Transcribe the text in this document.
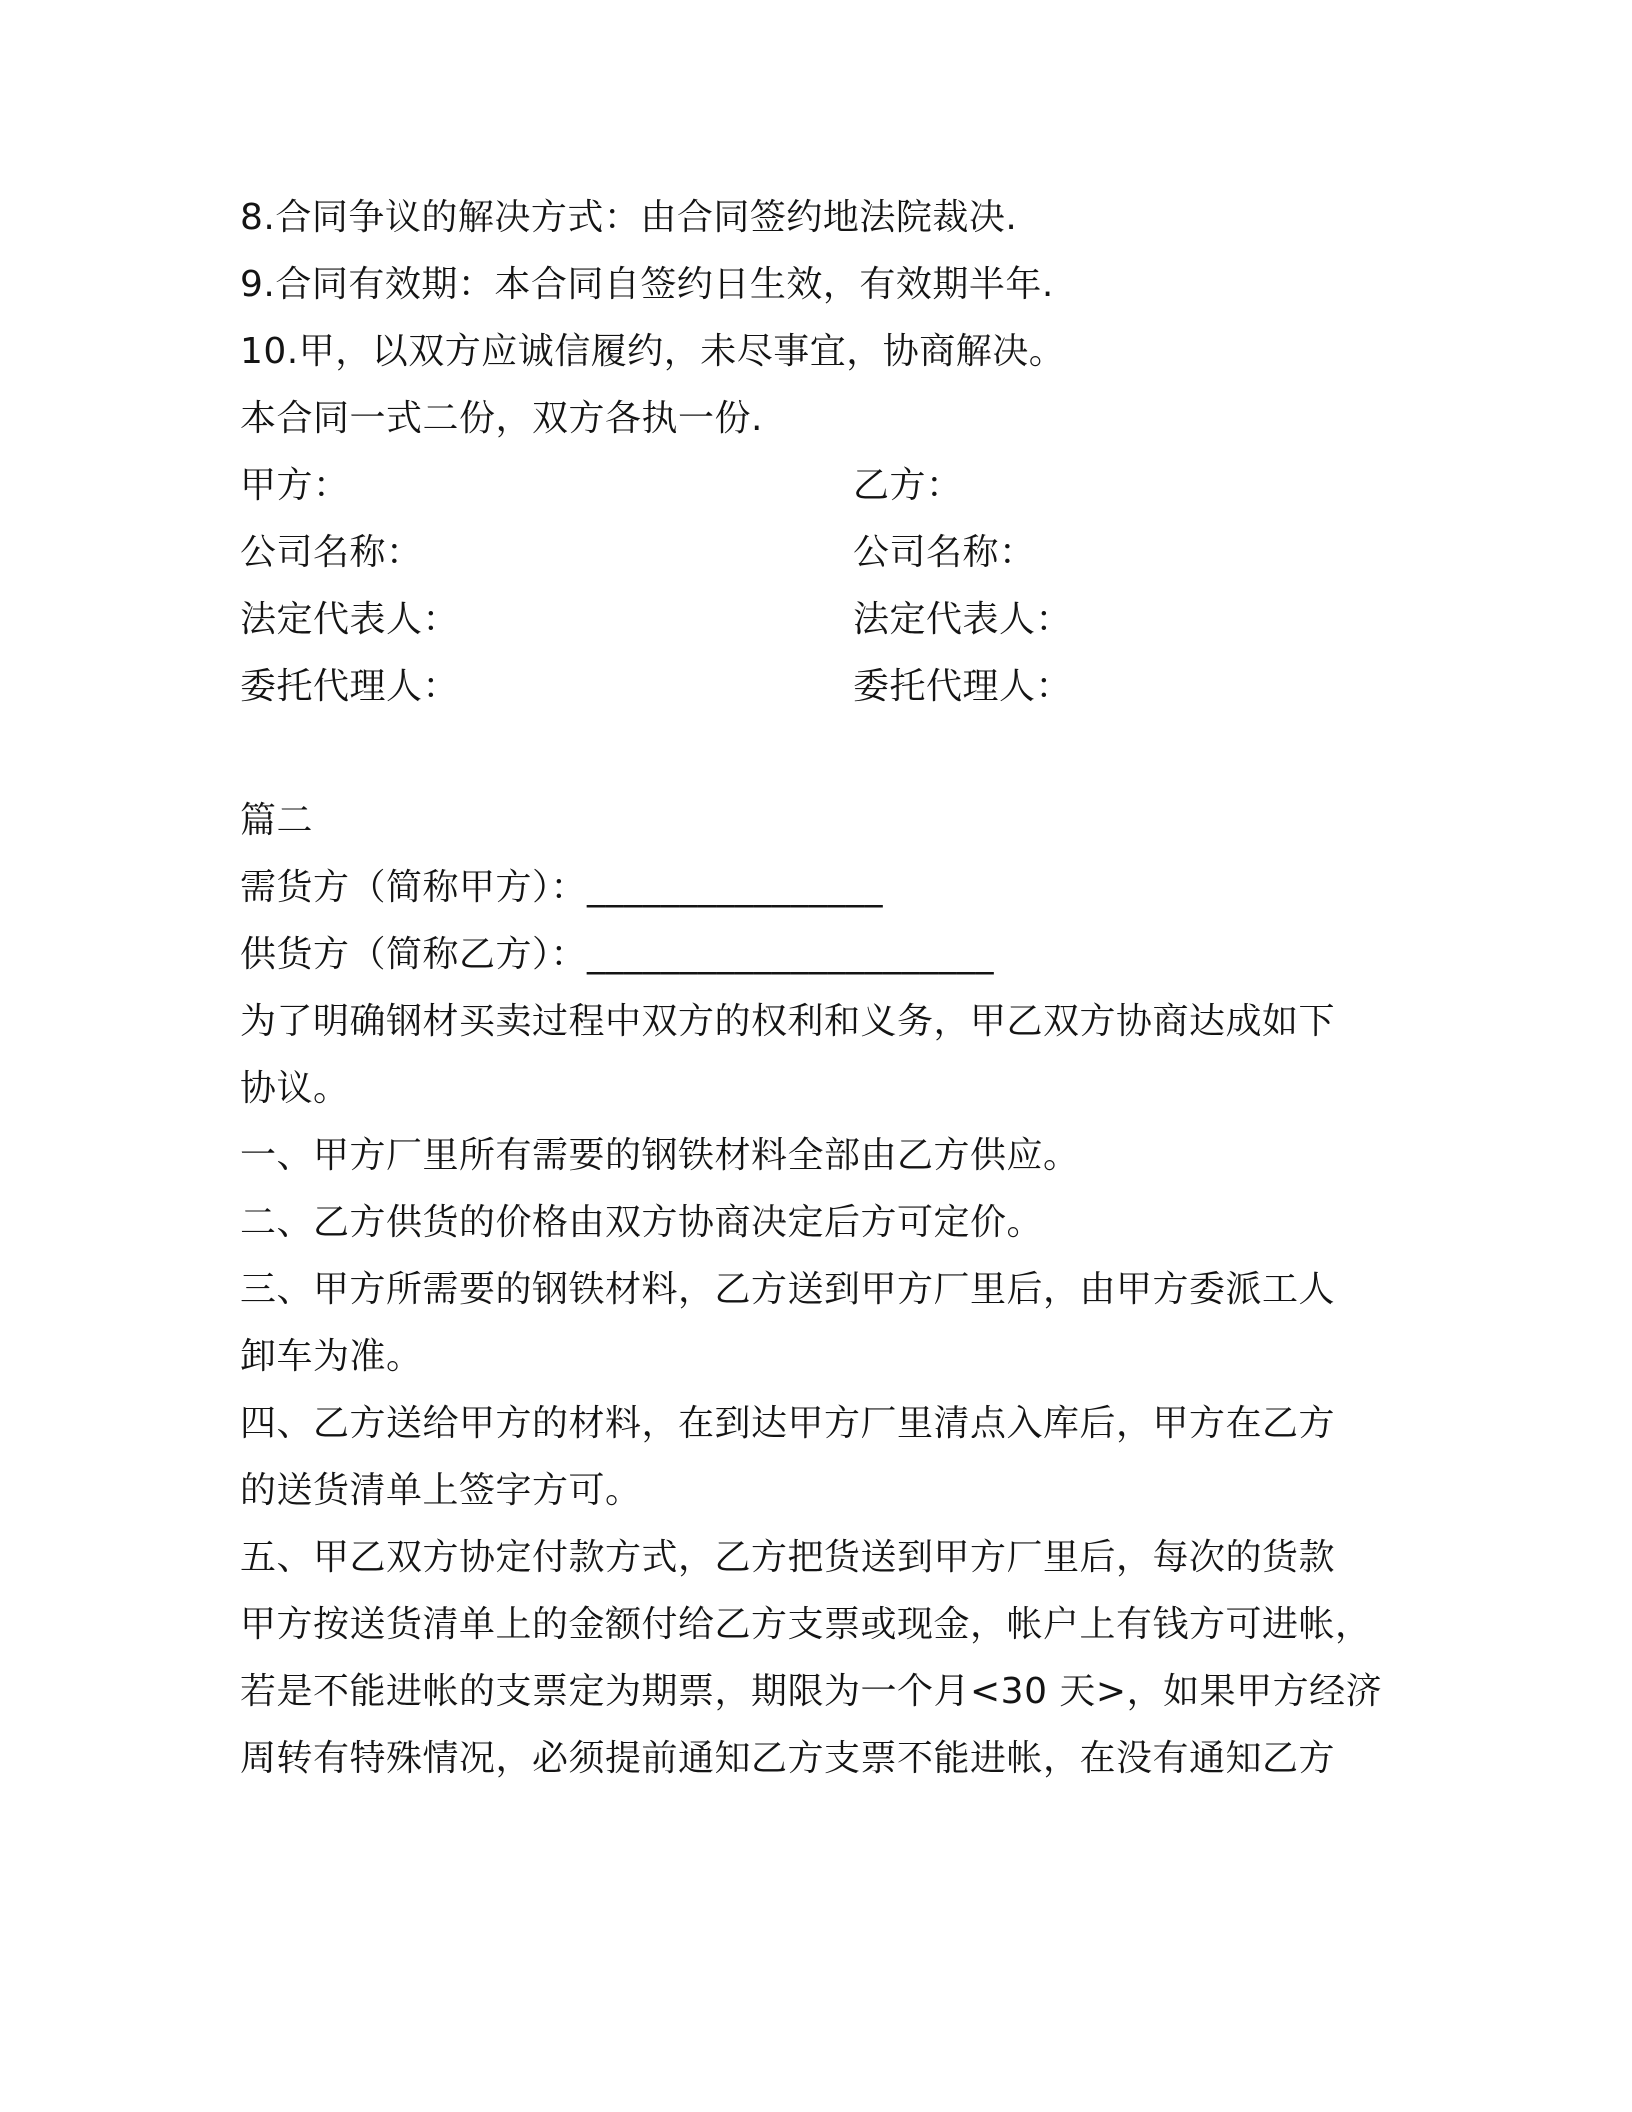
8.合同争议的解决方式：由合同签约地法院裁决.
9.合同有效期：本合同自签约日生效，有效期半年.
10.甲，以双方应诚信履约，未尽事宜，协商解决。
本合同一式二份，双方各执一份.
甲方：
公司名称：
法定代表人：
委托代理人：
乙方：
公司名称：
法定代表人：
委托代理人：
篇二
需货方（简称甲方）：________________
供货方（简称乙方）：______________________
为了明确钢材买卖过程中双方的权利和义务，甲乙双方协商达成如下
协议。
一、甲方厂里所有需要的钢铁材料全部由乙方供应。
二、乙方供货的价格由双方协商决定后方可定价。
三、甲方所需要的钢铁材料，乙方送到甲方厂里后，由甲方委派工人
卸车为准。
四、乙方送给甲方的材料，在到达甲方厂里清点入库后，甲方在乙方
的送货清单上签字方可。
五、甲乙双方协定付款方式，乙方把货送到甲方厂里后，每次的货款
甲方按送货清单上的金额付给乙方支票或现金，帐户上有钱方可进帐，
若是不能进帐的支票定为期票，期限为一个月<30 天>，如果甲方经济
周转有特殊情况，必须提前通知乙方支票不能进帐，在没有通知乙方
